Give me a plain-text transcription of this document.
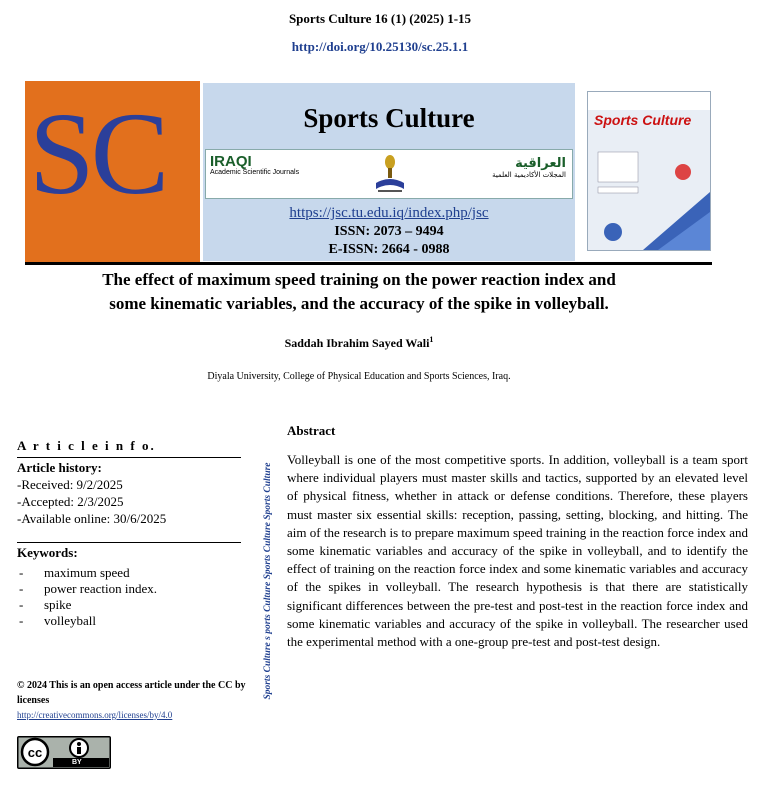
Sports Culture 16 (1) (2025) 1-15
http://doi.org/10.25130/sc.25.1.1
SC	Sports Culture
IRAQI
Academic Scientific Journals
العراقية
المجلات الأكاديمية العلمية
https://jsc.tu.edu.iq/index.php/jsc
ISSN: 2073 – 9494
E-ISSN: 2664 - 0988
Sports Culture
The effect of maximum speed training on the power reaction index and
some kinematic variables, and the accuracy of the spike in volleyball.
Saddah Ibrahim Sayed Wali$^1$
Diyala University, College of Physical Education and Sports Sciences, Iraq.
A r t i c l e i n f o.
Article history:
-Received: 9/2/2025
-Accepted: 2/3/2025
-Available online: 30/6/2025
Keywords:
- maximum speed
- power reaction index.
- spike
- volleyball
© 2024 This is an open access article under the CC by licenses
http://creativecommons.org/licenses/by/4.0
cc
BY
Sports Culture s ports Culture Sports Culture Sports Culture
Abstract
Volleyball is one of the most competitive sports. In addition, volleyball is a team sport where individual players must master skills and tactics, supported by an elevated level of physical fitness, whether in attack or defense conditions. Therefore, these players must master six essential skills: reception, passing, setting, blocking, and hitting. The aim of the research is to prepare maximum speed training in the reaction force index and some kinematic variables and accuracy of the spike in volleyball, and to identify the effect of training on the reaction force index and some kinematic variables and accuracy of the spikes in volleyball. The research hypothesis is that there are statistically significant differences between the pre-test and post-test in the reaction force index and some kinematic variables and accuracy of the spike in volleyball. The researcher used the experimental method with a one-group pre-test and post-test design.
